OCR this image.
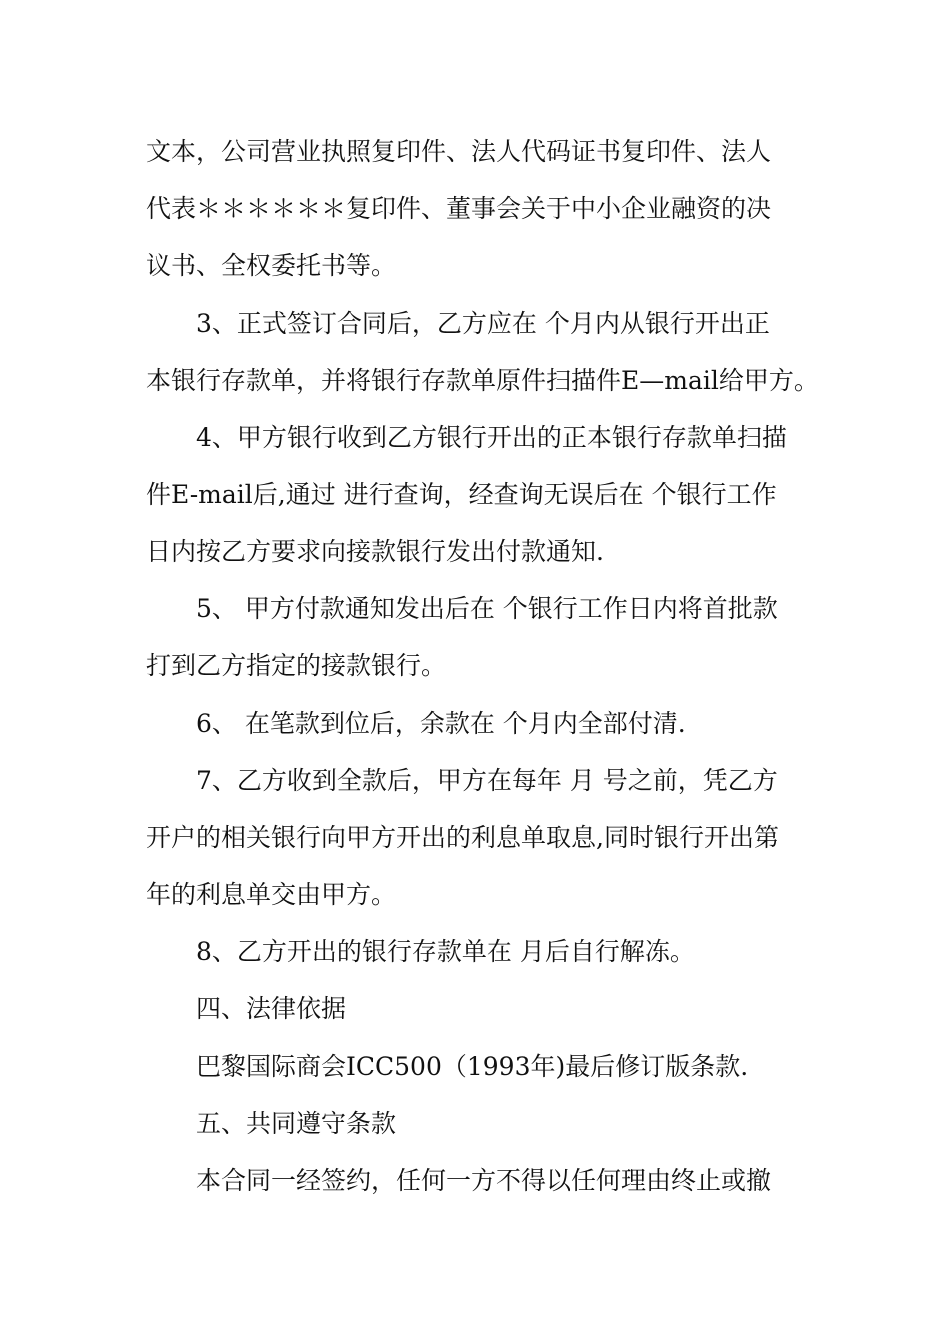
文本，公司营业执照复印件、法人代码证书复印件、法人
代表＊＊＊＊＊＊复印件、董事会关于中小企业融资的决
议书、全权委托书等。
3、正式签订合同后，乙方应在 个月内从银行开出正
本银行存款单，并将银行存款单原件扫描件E—mail给甲方。
4、甲方银行收到乙方银行开出的正本银行存款单扫描
件E-mail后,通过 进行查询，经查询无误后在 个银行工作
日内按乙方要求向接款银行发出付款通知.
5、 甲方付款通知发出后在 个银行工作日内将首批款
打到乙方指定的接款银行。
6、 在笔款到位后，余款在 个月内全部付清.
7、乙方收到全款后，甲方在每年 月 号之前，凭乙方
开户的相关银行向甲方开出的利息单取息,同时银行开出第
年的利息单交由甲方。
8、乙方开出的银行存款单在 月后自行解冻。
四、法律依据
巴黎国际商会ICC500（1993年)最后修订版条款.
五、共同遵守条款
本合同一经签约，任何一方不得以任何理由终止或撤
